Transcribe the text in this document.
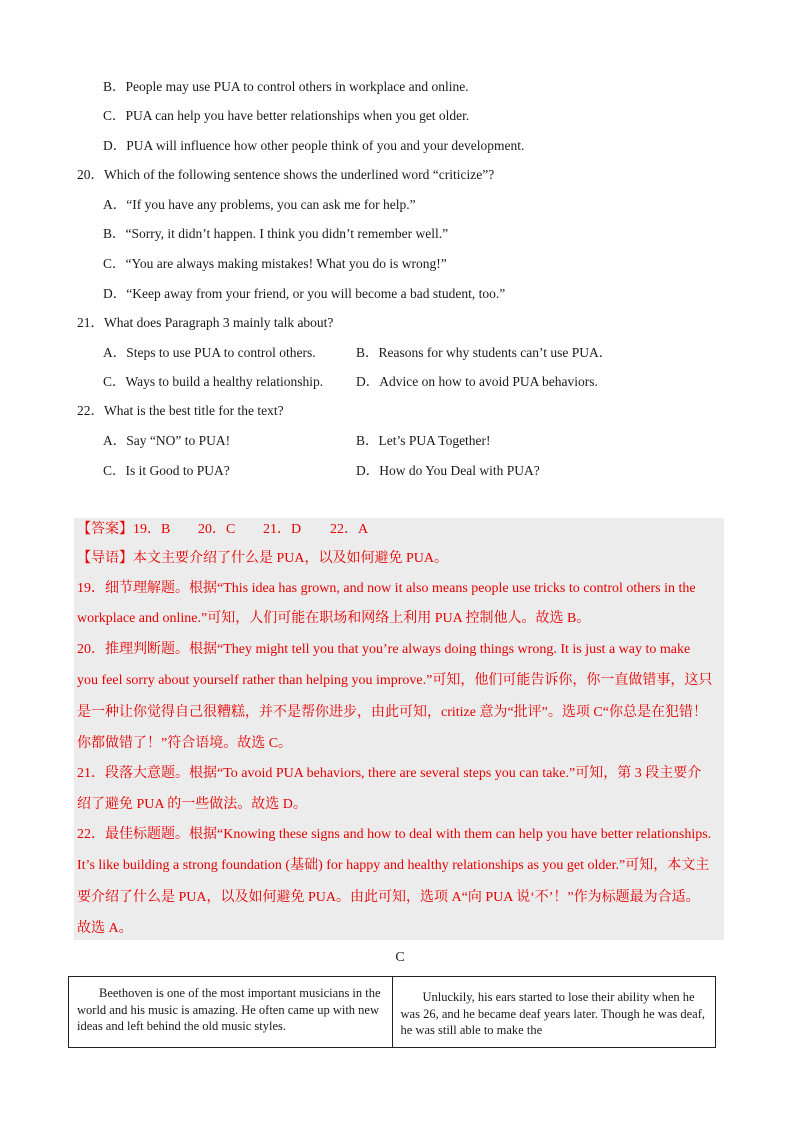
B．People may use PUA to control others in workplace and online.
C．PUA can help you have better relationships when you get older.
D．PUA will influence how other people think of you and your development.
20．Which of the following sentence shows the underlined word “criticize”?
A．“If you have any problems, you can ask me for help.”
B．“Sorry, it didn’t happen. I think you didn’t remember well.”
C．“You are always making mistakes! What you do is wrong!”
D．“Keep away from your friend, or you will become a bad student, too.”
21．What does Paragraph 3 mainly talk about?
A．Steps to use PUA to control others.	B．Reasons for why students can’t use PUA．
C．Ways to build a healthy relationship. D．Advice on how to avoid PUA behaviors.
22．What is the best title for the text?
A．Say “NO” to PUA!	B．Let’s PUA Together!
C．Is it Good to PUA?	D．How do You Deal with PUA?
【答案】 19．B 20．C 21．D 22．A
【导语】本文主要介绍了什么是 PUA，以及如何避免 PUA。
19．细节理解题。根据“This idea has grown, and now it also means people use tricks to control others in the
workplace and online.”可知，人们可能在职场和网络上利用 PUA 控制他人。故选 B。
20．推理判断题。根据“They might tell you that you’re always doing things wrong. It is just a way to make
you feel sorry about yourself rather than helping you improve.”可知，他们可能告诉你，你一直做错事，这只
是一种让你觉得自己很糟糕，并不是帮你进步，由此可知，critize 意为“批评”。选项 C“你总是在犯错！
你都做错了！”符合语境。故选 C。
21．段落大意题。根据“To avoid PUA behaviors, there are several steps you can take.”可知，第 3 段主要介
绍了避免 PUA 的一些做法。故选 D。
22．最佳标题题。根据“Knowing these signs and how to deal with them can help you have better relationships.
It’s like building a strong foundation (基础) for happy and healthy relationships as you get older.”可知，本文主
要介绍了什么是 PUA，以及如何避免 PUA。由此可知，选项 A“向 PUA 说‘不’！”作为标题最为合适。
故选 A。
C
Beethoven is one of the most important musicians in the world and his music is amazing. He often came up with new ideas and left behind the old music styles.	Unluckily, his ears started to lose their ability when he was 26, and he became deaf years later. Though he was deaf, he was still able to make the
